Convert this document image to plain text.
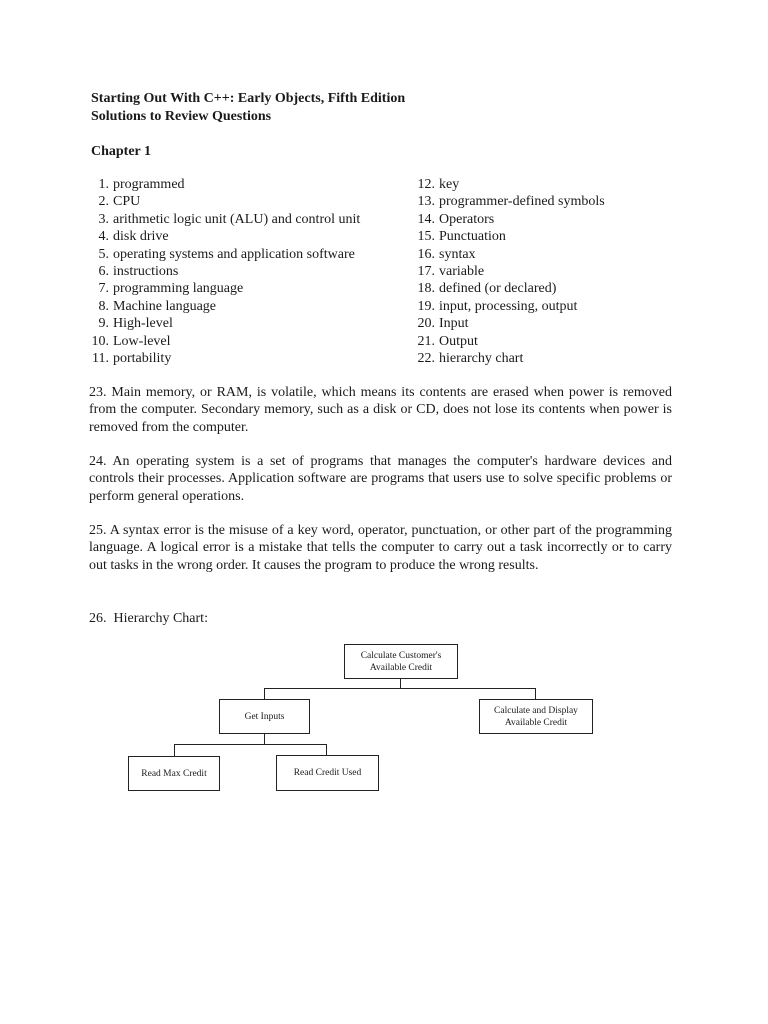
Starting Out With C++: Early Objects, Fifth Edition
Solutions to Review Questions
Chapter 1
1. programmed
2. CPU
3. arithmetic logic unit (ALU) and control unit
4. disk drive
5. operating systems and application software
6. instructions
7. programming language
8. Machine language
9. High-level
10. Low-level
11. portability
12. key
13. programmer-defined symbols
14. Operators
15. Punctuation
16. syntax
17. variable
18. defined (or declared)
19. input, processing, output
20. Input
21. Output
22. hierarchy chart
23. Main memory, or RAM, is volatile, which means its contents are erased when power is removed from the computer. Secondary memory, such as a disk or CD, does not lose its contents when power is removed from the computer.
24. An operating system is a set of programs that manages the computer's hardware devices and controls their processes. Application software are programs that users use to solve specific problems or perform general operations.
25. A syntax error is the misuse of a key word, operator, punctuation, or other part of the programming language. A logical error is a mistake that tells the computer to carry out a task incorrectly or to carry out tasks in the wrong order. It causes the program to produce the wrong results.
26. Hierarchy Chart:
Calculate Customer's Available Credit
Get Inputs
Calculate and Display Available Credit
Read Max Credit	Read Credit Used
